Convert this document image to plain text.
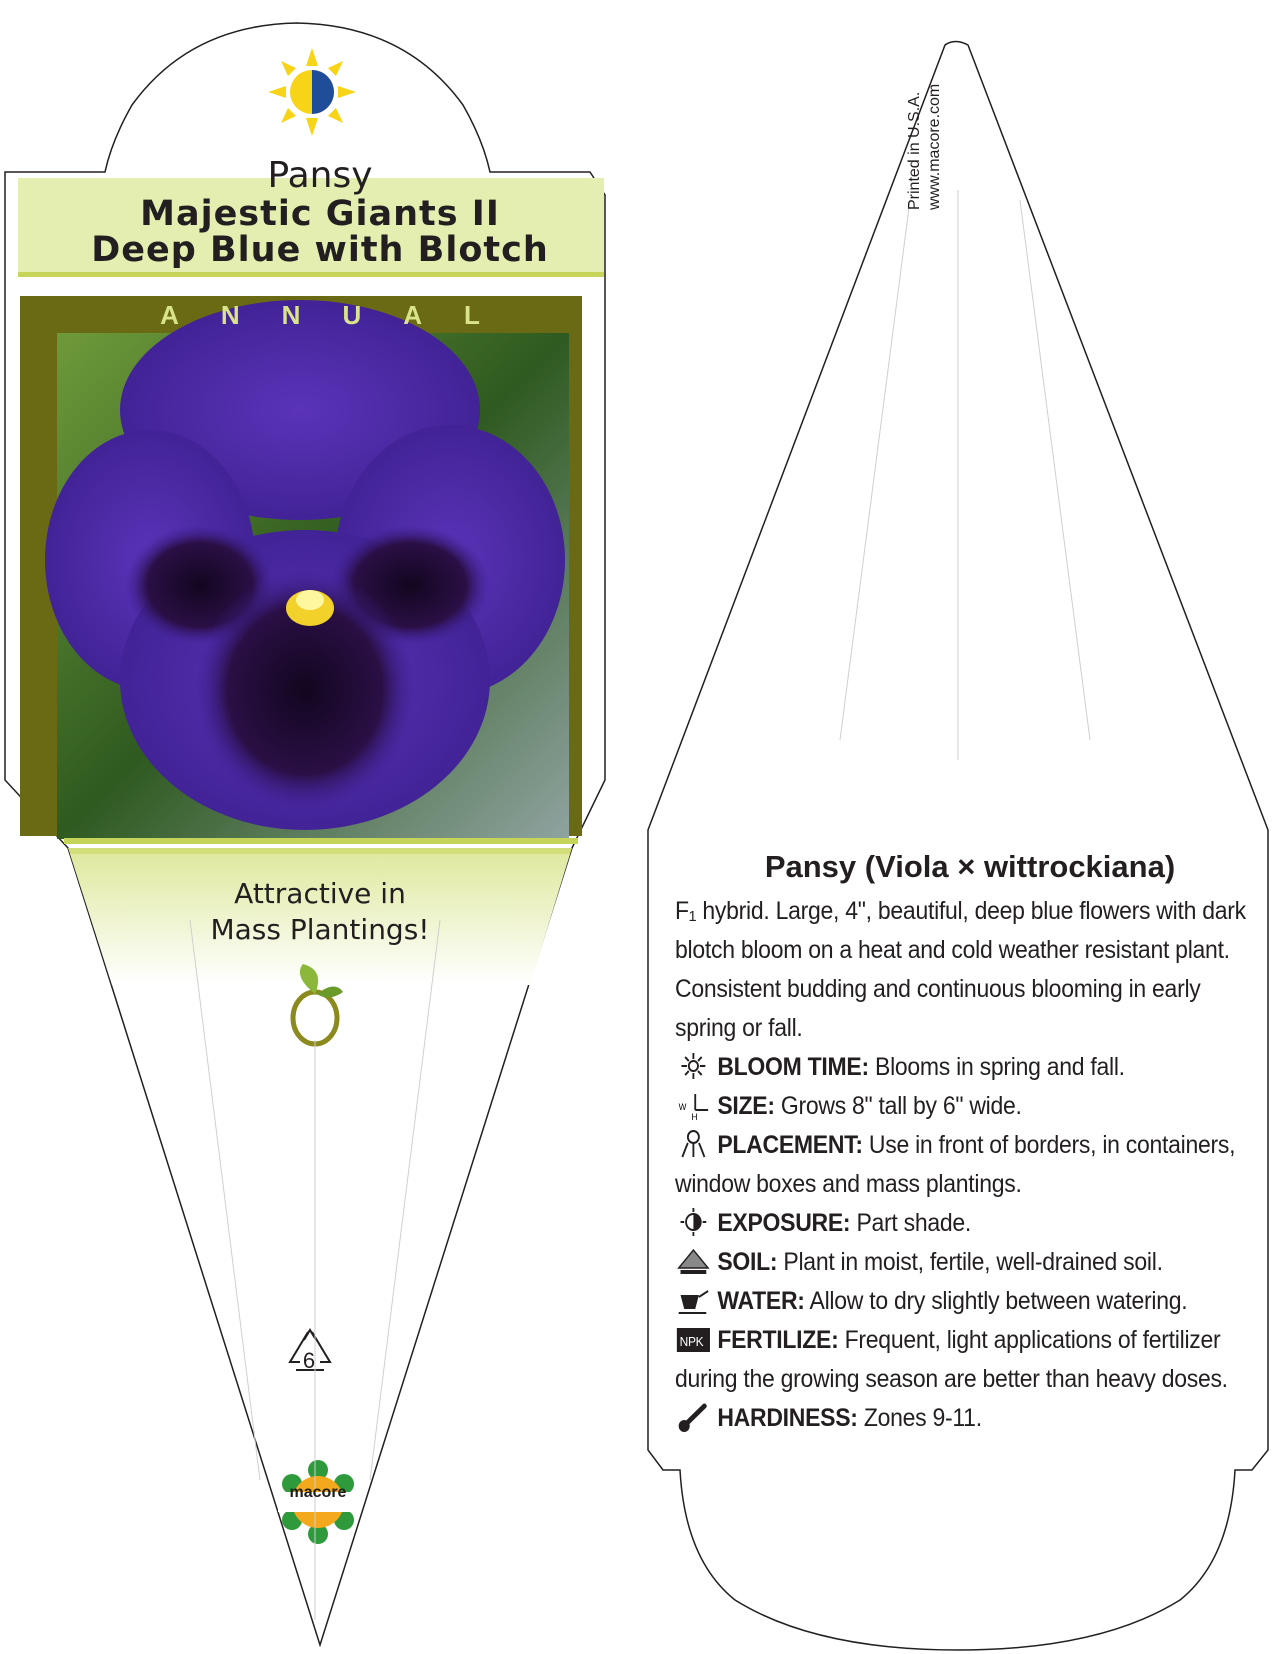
Pansy
Majestic Giants II
Deep Blue with Blotch
ANNUAL
Attractive in
Mass Plantings!
6
macore
Printed in U.S.A. www.macore.com
Pansy (Viola × wittrockiana)
F₁ hybrid. Large, 4", beautiful, deep blue flowers with dark blotch bloom on a heat and cold weather resistant plant. Consistent budding and continuous blooming in early spring or fall.
BLOOM TIME: Blooms in spring and fall.
W
H SIZE: Grows 8" tall by 6" wide.
PLACEMENT: Use in front of borders, in containers, window boxes and mass plantings.
EXPOSURE: Part shade.
SOIL: Plant in moist, fertile, well-drained soil.
WATER: Allow to dry slightly between watering.
NPK FERTILIZE: Frequent, light applications of fertilizer during the growing season are better than heavy doses.
HARDINESS: Zones 9-11.
